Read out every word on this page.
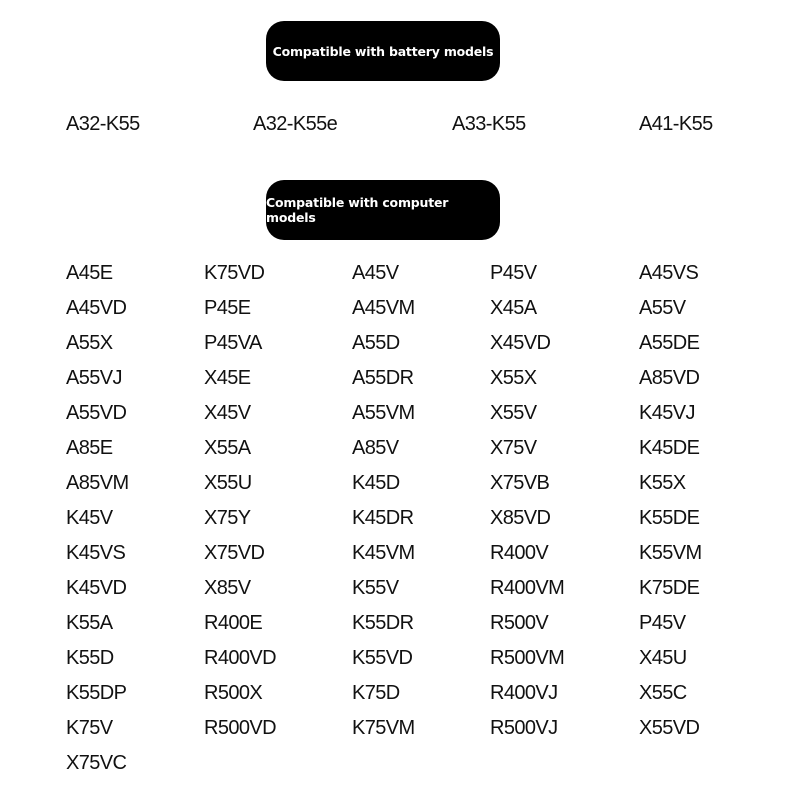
Compatible with battery models
A32-K55	A32-K55e	A33-K55	A41-K55
Compatible with computer models
A45E	K75VD	A45V	P45V	A45VS
A45VD	P45E	A45VM	X45A	A55V
A55X	P45VA	A55D	X45VD	A55DE
A55VJ	X45E	A55DR	X55X	A85VD
A55VD	X45V	A55VM	X55V	K45VJ
A85E	X55A	A85V	X75V	K45DE
A85VM	X55U	K45D	X75VB	K55X
K45V	X75Y	K45DR	X85VD	K55DE
K45VS	X75VD	K45VM	R400V	K55VM
K45VD	X85V	K55V	R400VM	K75DE
K55A	R400E	K55DR	R500V	P45V
K55D	R400VD	K55VD	R500VM	X45U
K55DP	R500X	K75D	R400VJ	X55C
K75V	R500VD	K75VM	R500VJ	X55VD
X75VC
